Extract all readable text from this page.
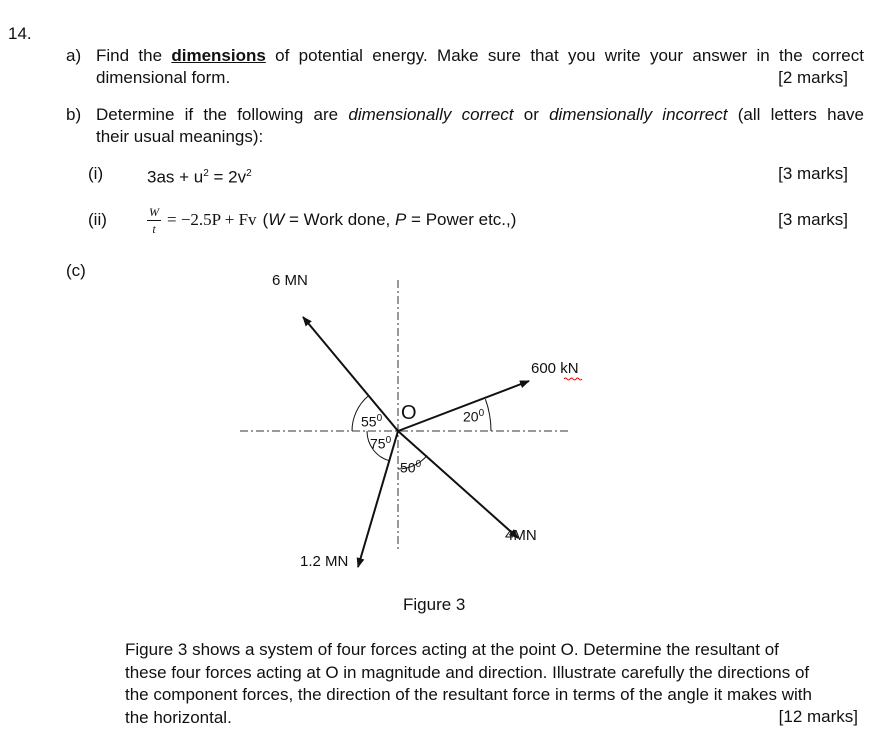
14.
a) Find the dimensions of potential energy. Make sure that you write your answer in the correct
dimensional form.	[2 marks]
b) Determine if the following are dimensionally correct or dimensionally incorrect (all letters have
their usual meanings):
(i)	$3as + u^2 = 2v^2$	[3 marks]
(ii)	$\frac{W}{t} = -2.5P + Fv$ (W = Work done, P = Power etc.,)	[3 marks]
(c)
6 MN
600 kN
4MN
1.2 MN
O
$55^0$
$75^0$
$20^0$
$50^0$
Figure 3
Figure 3 shows a system of four forces acting at the point O. Determine the resultant of
these four forces acting at O in magnitude and direction. Illustrate carefully the directions of
the component forces, the direction of the resultant force in terms of the angle it makes with
the horizontal.	[12 marks]
